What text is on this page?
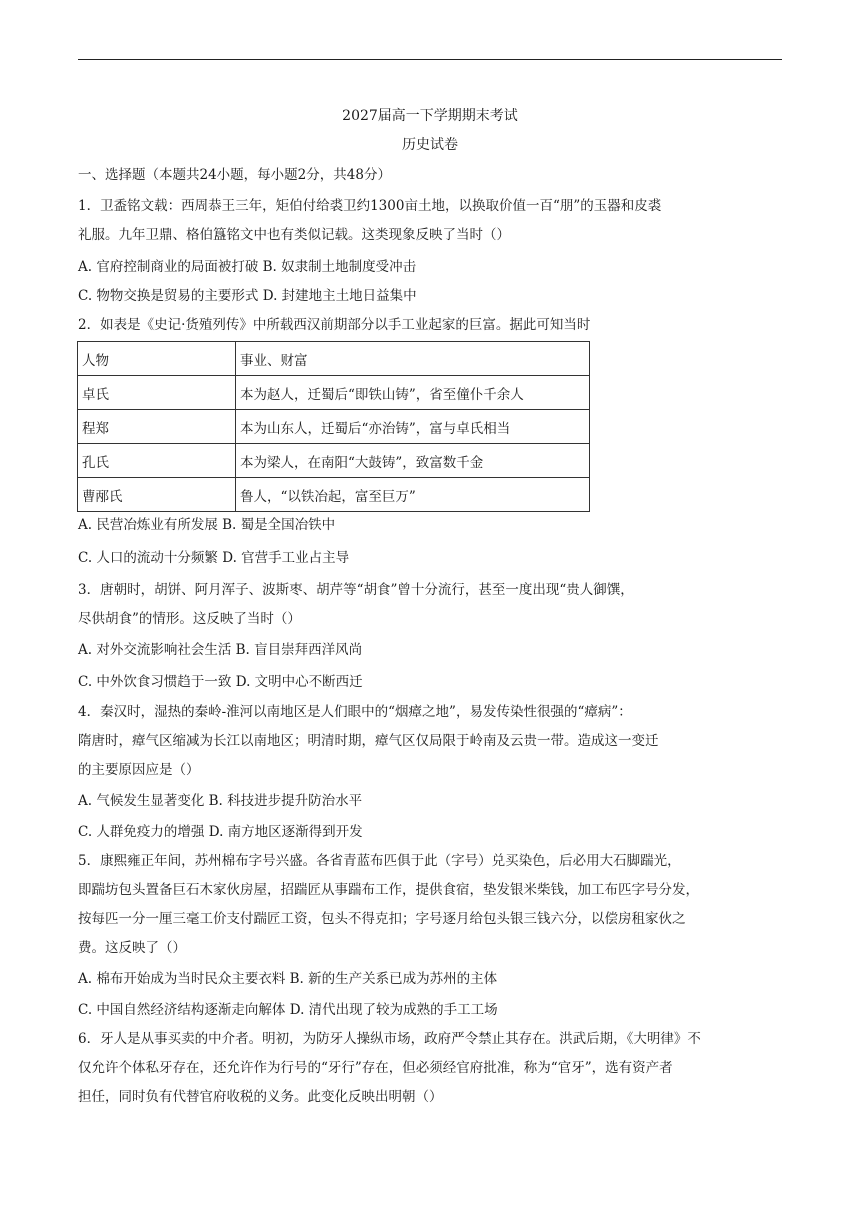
2027届高一下学期期末考试
历史试卷
一、选择题（本题共24小题，每小题2分，共48分）
1．卫盉铭文载：西周恭王三年，矩伯付给裘卫约1300亩土地，以换取价值一百“朋”的玉器和皮裘
礼服。九年卫鼎、格伯簋铭文中也有类似记载。这类现象反映了当时（）
A. 官府控制商业的局面被打破 B. 奴隶制土地制度受冲击
C. 物物交换是贸易的主要形式 D. 封建地主土地日益集中
2．如表是《史记·货殖列传》中所载西汉前期部分以手工业起家的巨富。据此可知当时
人物	事业、财富
卓氏	本为赵人，迁蜀后“即铁山铸”，省至僮仆千余人
程郑	本为山东人，迁蜀后“亦治铸”，富与卓氏相当
孔氏	本为梁人，在南阳“大鼓铸”，致富数千金
曹邴氏	鲁人，“以铁冶起，富至巨万”
A. 民营冶炼业有所发展 B. 蜀是全国冶铁中
C. 人口的流动十分频繁 D. 官营手工业占主导
3．唐朝时，胡饼、阿月浑子、波斯枣、胡芹等“胡食”曾十分流行，甚至一度出现“贵人御馔，
尽供胡食”的情形。这反映了当时（）
A. 对外交流影响社会生活 B. 盲目崇拜西洋风尚
C. 中外饮食习惯趋于一致 D. 文明中心不断西迁
4．秦汉时，湿热的秦岭-淮河以南地区是人们眼中的“烟瘴之地”，易发传染性很强的“瘴病”：
隋唐时，瘴气区缩减为长江以南地区；明清时期，瘴气区仅局限于岭南及云贵一带。造成这一变迁
的主要原因应是（）
A. 气候发生显著变化 B. 科技进步提升防治水平
C. 人群免疫力的增强 D. 南方地区逐渐得到开发
5．康熙雍正年间，苏州棉布字号兴盛。各省青蓝布匹俱于此（字号）兑买染色，后必用大石脚踹光，
即踹坊包头置备巨石木家伙房屋，招踹匠从事踹布工作，提供食宿，垫发银米柴钱，加工布匹字号分发，
按每匹一分一厘三毫工价支付踹匠工资，包头不得克扣；字号逐月给包头银三钱六分，以偿房租家伙之
费。这反映了（）
A. 棉布开始成为当时民众主要衣料 B. 新的生产关系已成为苏州的主体
C. 中国自然经济结构逐渐走向解体 D. 清代出现了较为成熟的手工工场
6．牙人是从事买卖的中介者。明初，为防牙人操纵市场，政府严令禁止其存在。洪武后期，《大明律》不
仅允许个体私牙存在，还允许作为行号的“牙行”存在，但必须经官府批准，称为“官牙”，选有资产者
担任，同时负有代替官府收税的义务。此变化反映出明朝（）
